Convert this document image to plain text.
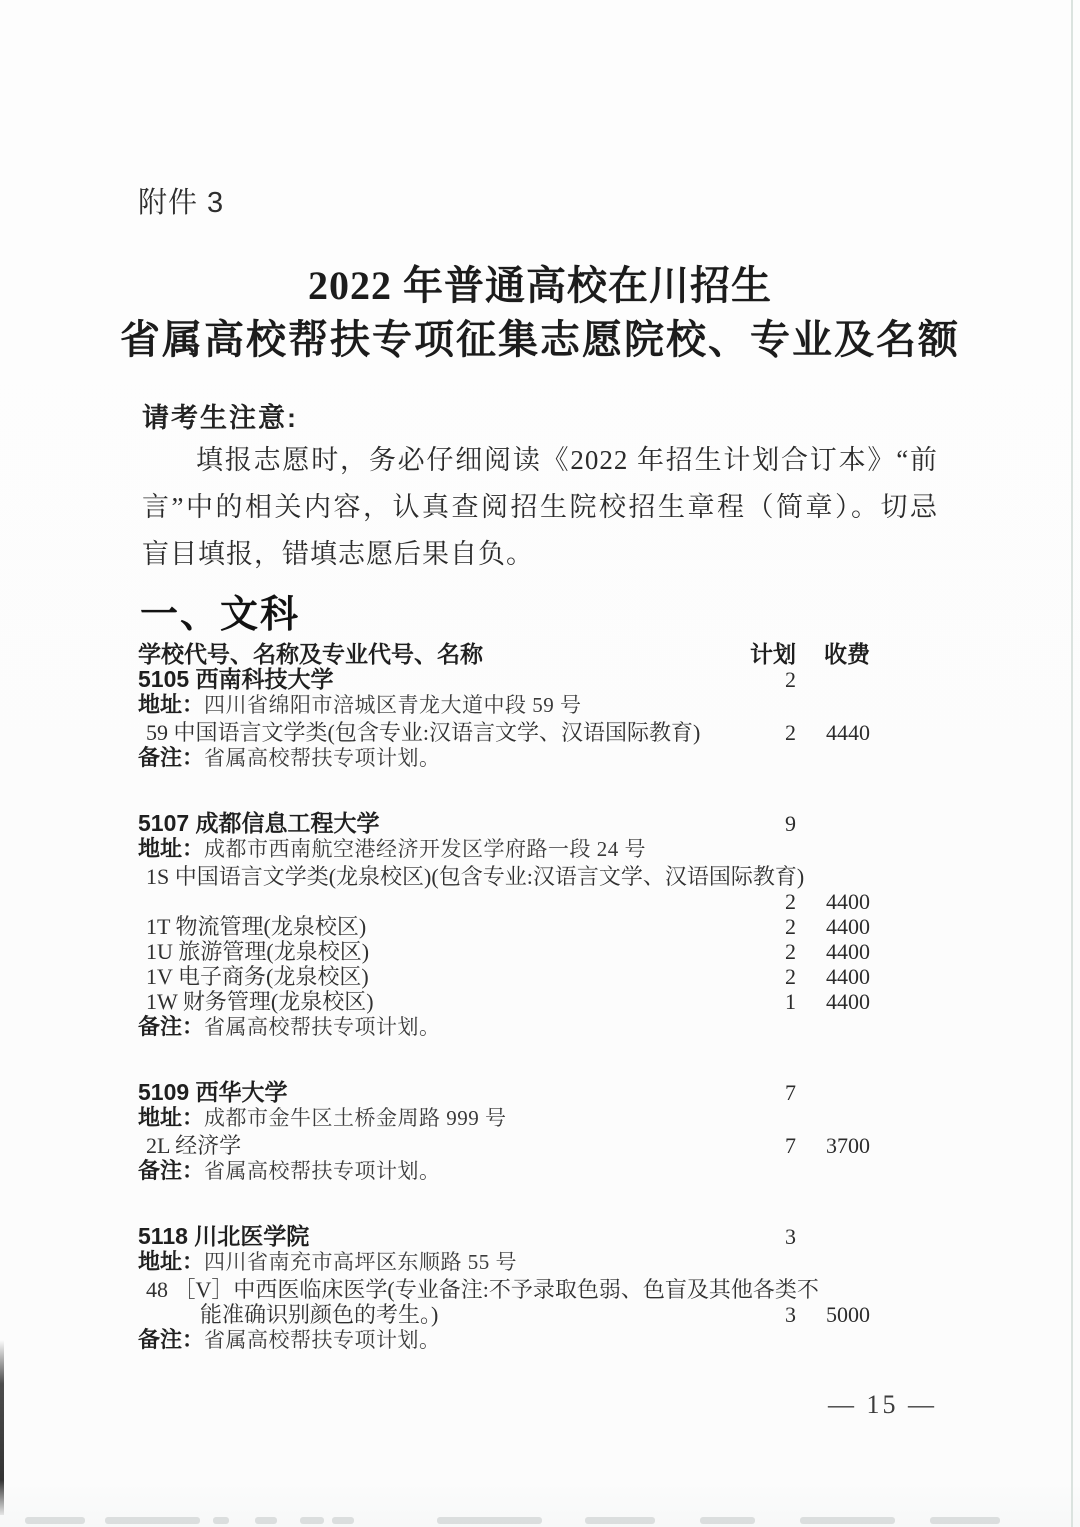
附件 3
2022 年普通高校在川招生
省属高校帮扶专项征集志愿院校、专业及名额
请考生注意:
填报志愿时，务必仔细阅读《2022 年招生计划合订本》“前
言”中的相关内容，认真查阅招生院校招生章程（简章）。切忌
盲目填报，错填志愿后果自负。
一、文科
学校代号、名称及专业代号、名称	计划	收费
5105 西南科技大学	2
地址：四川省绵阳市涪城区青龙大道中段 59 号
59 中国语言文学类(包含专业:汉语言文学、汉语国际教育)	2	4440
备注：省属高校帮扶专项计划。
5107 成都信息工程大学	9
地址：成都市西南航空港经济开发区学府路一段 24 号
1S 中国语言文学类(龙泉校区)(包含专业:汉语言文学、汉语国际教育)
2	4400
1T 物流管理(龙泉校区)	2	4400
1U 旅游管理(龙泉校区)	2	4400
1V 电子商务(龙泉校区)	2	4400
1W 财务管理(龙泉校区)	1	4400
备注：省属高校帮扶专项计划。
5109 西华大学	7
地址：成都市金牛区土桥金周路 999 号
2L 经济学	7	3700
备注：省属高校帮扶专项计划。
5118 川北医学院	3
地址：四川省南充市高坪区东顺路 55 号
48 ［V］中西医临床医学(专业备注:不予录取色弱、色盲及其他各类不
能准确识别颜色的考生。)	3	5000
备注：省属高校帮扶专项计划。
— 15 —
